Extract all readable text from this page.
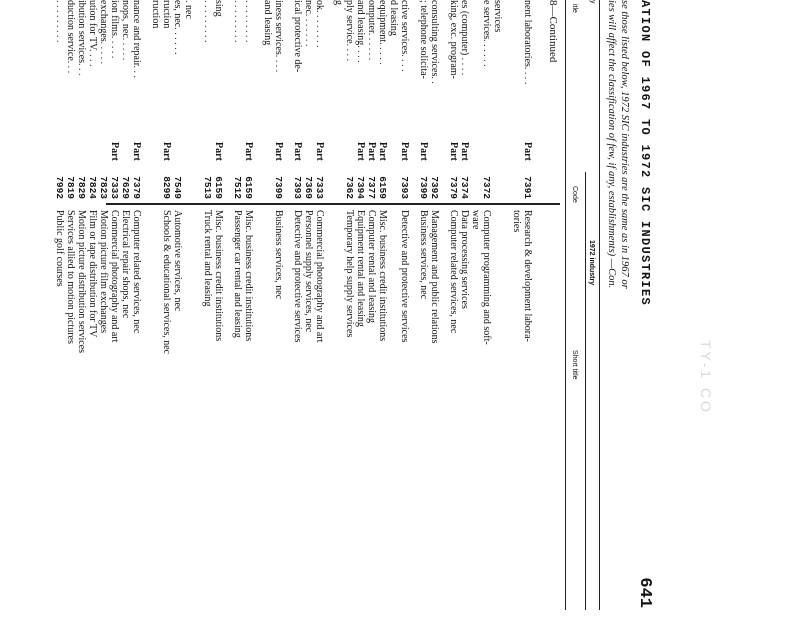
641
ATION OF 1967 TO 1972 SIC INDUSTRIES
se those listed below, 1972 SIC industries are the same as in 1967 or
ies will affect the classification of few, if any, establishments) —Con.
y
1972 industry
itle
Code
Short title
8—Continued
nent laboratories. . . .
Part
7391
Research & development labora-
tories
services
e services. . . . . .
7372
Computer programming and soft-
ware
es (computer) . . . .
Part
7374
Data processing services
king, exc. program-
Part
7379
Computer related services, nec
consulting services. .
7392
Management and public relations
; telephone solicita-
Part
7399
Business services, nec
ctive services. . . .
Part
7393
Detective and protective services
d leasing
equipment. . . . .
Part
6159
Misc. business credit institutions
omputer. . . . . .
Part
7377
Computer rental and leasing
and leasing. . . .
Part
7394
Equipment rental and leasing
ply service. . . .
7362
Temporary help supply services
g
ok. . . . . . . .
Part
7333
Commercial photography and art
nec. . . . . . .
7369
Personnel supply services, nec
ical protective de-
Part
7393
Detective and protective services
iness services. . . .
Part
7399
Business services, nec
and leasing
. . . . . . . . .
Part
6159
Misc. business credit institutions
. . . . . . . . .
7512
Passenger car rental and leasing
sing
Part
6159
Misc. business credit institutions
. . . . . . . . .
7513
Truck rental and leasing
. nec
es, nec. . . . . .
7549
Automotive services, nec
ruction
Part
8299
Schools & educational services, nec
ruction
nance and repair. . .
Part
7379
Computer related services, nec
nops, nec. . . . .
7629
Electrical repair shops, nec
ion films. . . . .
Part
7333
Commercial photography and art
exchanges. . . . .
7823
Motion picture film exchanges
ution for TV. . . .
7824
Film or tape distribution for TV
ibution services. . .
7829
Motion picture distribution services
duction service. . .
7819
Services allied to motion pictures
. . . . . . . . .
7992
Public golf courses
TY-1 CO
